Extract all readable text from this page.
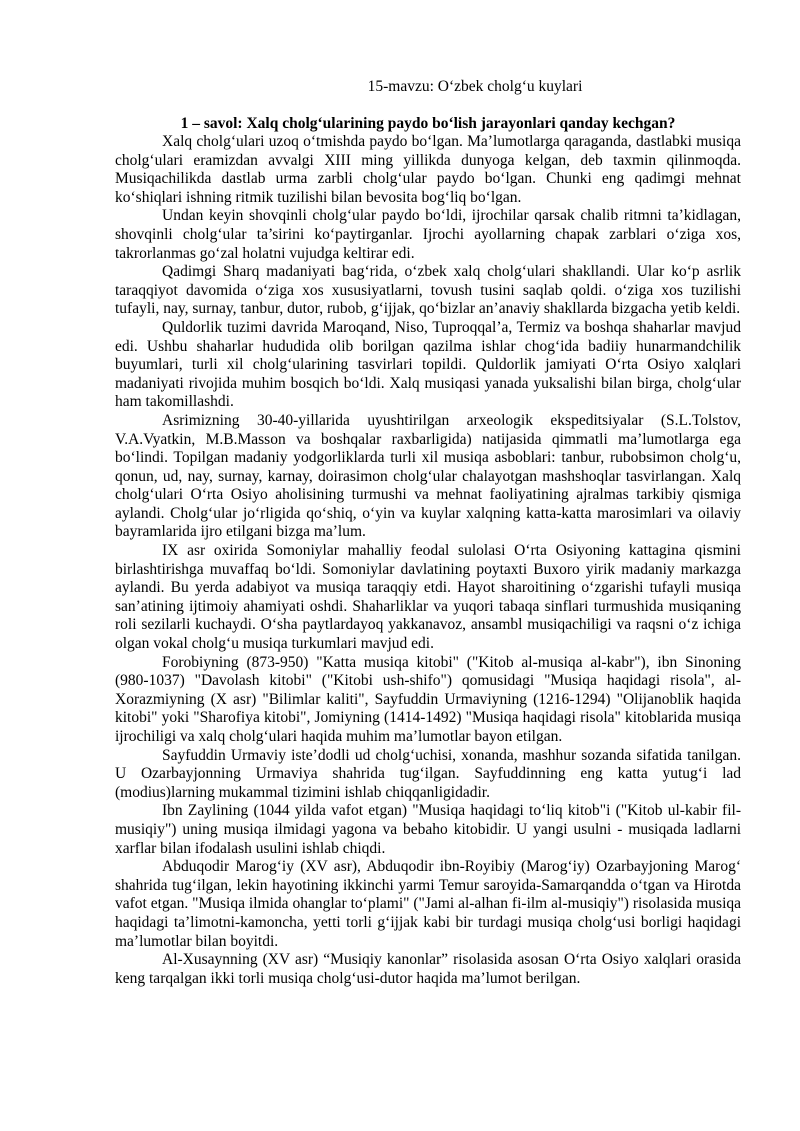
15-mavzu: O‘zbek cholg‘u kuylari

1 – savol: Xalq cholg‘ularining paydo bo‘lish jarayonlari qanday kechgan?

Xalq cholg‘ulari uzoq o‘tmishda paydo bo‘lgan. Ma’lumotlarga qaraganda, dastlabki musiqa cholg‘ulari eramizdan avvalgi XIII ming yillikda dunyoga kelgan, deb taxmin qilinmoqda. Musiqachilikda dastlab urma zarbli cholg‘ular paydo bo‘lgan. Chunki eng qadimgi mehnat ko‘shiqlari ishning ritmik tuzilishi bilan bevosita bog‘liq bo‘lgan.

Undan keyin shovqinli cholg‘ular paydo bo‘ldi, ijrochilar qarsak chalib ritmni ta’kidlagan, shovqinli cholg‘ular ta’sirini ko‘paytirganlar. Ijrochi ayollarning chapak zarblari o‘ziga xos, takrorlanmas go‘zal holatni vujudga keltirar edi.

Qadimgi Sharq madaniyati bag‘rida, o‘zbek xalq cholg‘ulari shakllandi. Ular ko‘p asrlik taraqqiyot davomida o‘ziga xos xususiyatlarni, tovush tusini saqlab qoldi. o‘ziga xos tuzilishi tufayli, nay, surnay, tanbur, dutor, rubob, g‘ijjak, qo‘bizlar an’anaviy shakllarda bizgacha yetib keldi.

Quldorlik tuzimi davrida Maroqand, Niso, Tuproqqal’a, Termiz va boshqa shaharlar mavjud edi. Ushbu shaharlar hududida olib borilgan qazilma ishlar chog‘ida badiiy hunarmandchilik buyumlari, turli xil cholg‘ularining tasvirlari topildi. Quldorlik jamiyati O‘rta Osiyo xalqlari madaniyati rivojida muhim bosqich bo‘ldi. Xalq musiqasi yanada yuksalishi bilan birga, cholg‘ular ham takomillashdi.

Asrimizning 30-40-yillarida uyushtirilgan arxeologik ekspeditsiyalar (S.L.Tolstov, V.A.Vyatkin, M.B.Masson va boshqalar raxbarligida) natijasida qimmatli ma’lumotlarga ega bo‘lindi. Topilgan madaniy yodgorliklarda turli xil musiqa asboblari: tanbur, rubobsimon cholg‘u, qonun, ud, nay, surnay, karnay, doirasimon cholg‘ular chalayotgan mashshoqlar tasvirlangan. Xalq cholg‘ulari O‘rta Osiyo aholisining turmushi va mehnat faoliyatining ajralmas tarkibiy qismiga aylandi. Cholg‘ular jo‘rligida qo‘shiq, o‘yin va kuylar xalqning katta-katta marosimlari va oilaviy bayramlarida ijro etilgani bizga ma’lum.

IX asr oxirida Somoniylar mahalliy feodal sulolasi O‘rta Osiyoning kattagina qismini birlashtirishga muvaffaq bo‘ldi. Somoniylar davlatining poytaxti Buxoro yirik madaniy markazga aylandi. Bu yerda adabiyot va musiqa taraqqiy etdi. Hayot sharoitining o‘zgarishi tufayli musiqa san’atining ijtimoiy ahamiyati oshdi. Shaharliklar va yuqori tabaqa sinflari turmushida musiqaning roli sezilarli kuchaydi. O‘sha paytlardayoq yakkanavoz, ansambl musiqachiligi va raqsni o‘z ichiga olgan vokal cholg‘u musiqa turkumlari mavjud edi.

Forobiyning (873-950) "Katta musiqa kitobi" ("Kitob al-musiqa al-kabr"), ibn Sinoning (980-1037) "Davolash kitobi" ("Kitobi ush-shifo") qomusidagi "Musiqa haqidagi risola", al-Xorazmiyning (X asr) "Bilimlar kaliti", Sayfuddin Urmaviyning (1216-1294) "Olijanoblik haqida kitobi" yoki "Sharofiya kitobi", Jomiyning (1414-1492) "Musiqa haqidagi risola" kitoblarida musiqa ijrochiligi va xalq cholg‘ulari haqida muhim ma’lumotlar bayon etilgan.

Sayfuddin Urmaviy iste’dodli ud cholg‘uchisi, xonanda, mashhur sozanda sifatida tanilgan. U Ozarbayjonning Urmaviya shahrida tug‘ilgan. Sayfuddinning eng katta yutug‘i lad (modius)larning mukammal tizimini ishlab chiqqanligidadir.

Ibn Zaylining (1044 yilda vafot etgan) "Musiqa haqidagi to‘liq kitob"i ("Kitob ul-kabir fil-musiqiy") uning musiqa ilmidagi yagona va bebaho kitobidir. U yangi usulni - musiqada ladlarni xarflar bilan ifodalash usulini ishlab chiqdi.

Abduqodir Marog‘iy (XV asr), Abduqodir ibn-Royibiy (Marog‘iy) Ozarbayjoning Marog‘ shahrida tug‘ilgan, lekin hayotining ikkinchi yarmi Temur saroyida-Samarqandda o‘tgan va Hirotda vafot etgan. "Musiqa ilmida ohanglar to‘plami" ("Jami al-alhan fi-ilm al-musiqiy") risolasida musiqa haqidagi ta’limotni-kamoncha, yetti torli g‘ijjak kabi bir turdagi musiqa cholg‘usi borligi haqidagi ma’lumotlar bilan boyitdi.

Al-Xusaynning (XV asr) “Musiqiy kanonlar” risolasida asosan O‘rta Osiyo xalqlari orasida keng tarqalgan ikki torli musiqa cholg‘usi-dutor haqida ma’lumot berilgan.
